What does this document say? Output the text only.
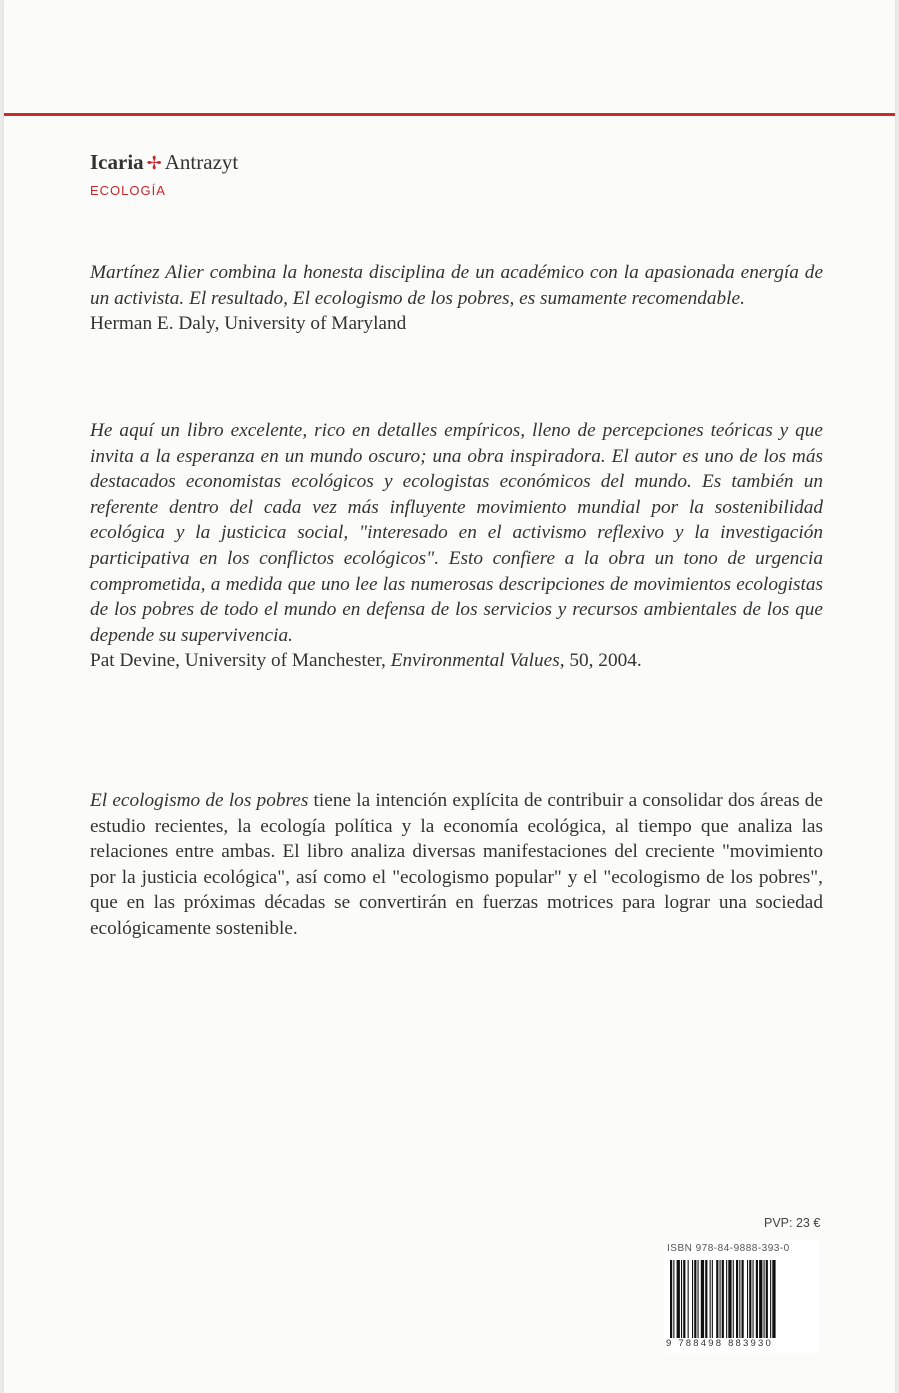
Icaria ✢ Antrazyt
ECOLOGÍA

Martínez Alier combina la honesta disciplina de un académico con la apasionada energía de un activista. El resultado, El ecologismo de los pobres, es sumamente recomendable.

Herman E. Daly, University of Maryland

He aquí un libro excelente, rico en detalles empíricos, lleno de percepciones teóricas y que invita a la esperanza en un mundo oscuro; una obra inspiradora. El autor es uno de los más destacados economistas ecológicos y ecologistas económicos del mundo. Es también un referente dentro del cada vez más influyente movimiento mundial por la sostenibilidad ecológica y la justicica social, "interesado en el activismo reflexivo y la investigación participativa en los conflictos ecológicos". Esto confiere a la obra un tono de urgencia comprometida, a medida que uno lee las numerosas descripciones de movimientos ecologistas de los pobres de todo el mundo en defensa de los servicios y recursos ambientales de los que depende su supervivencia.

Pat Devine, University of Manchester, Environmental Values, 50, 2004.

El ecologismo de los pobres tiene la intención explícita de contribuir a consolidar dos áreas de estudio recientes, la ecología política y la economía ecológica, al tiempo que analiza las relaciones entre ambas. El libro analiza diversas manifestaciones del creciente "movimiento por la justicia ecológica", así como el "ecologismo popular" y el "ecologismo de los pobres", que en las próximas décadas se convertirán en fuerzas motrices para lograr una sociedad ecológicamente sostenible.

PVP: 23 €
ISBN 978-84-9888-393-0
9 788498 883930
